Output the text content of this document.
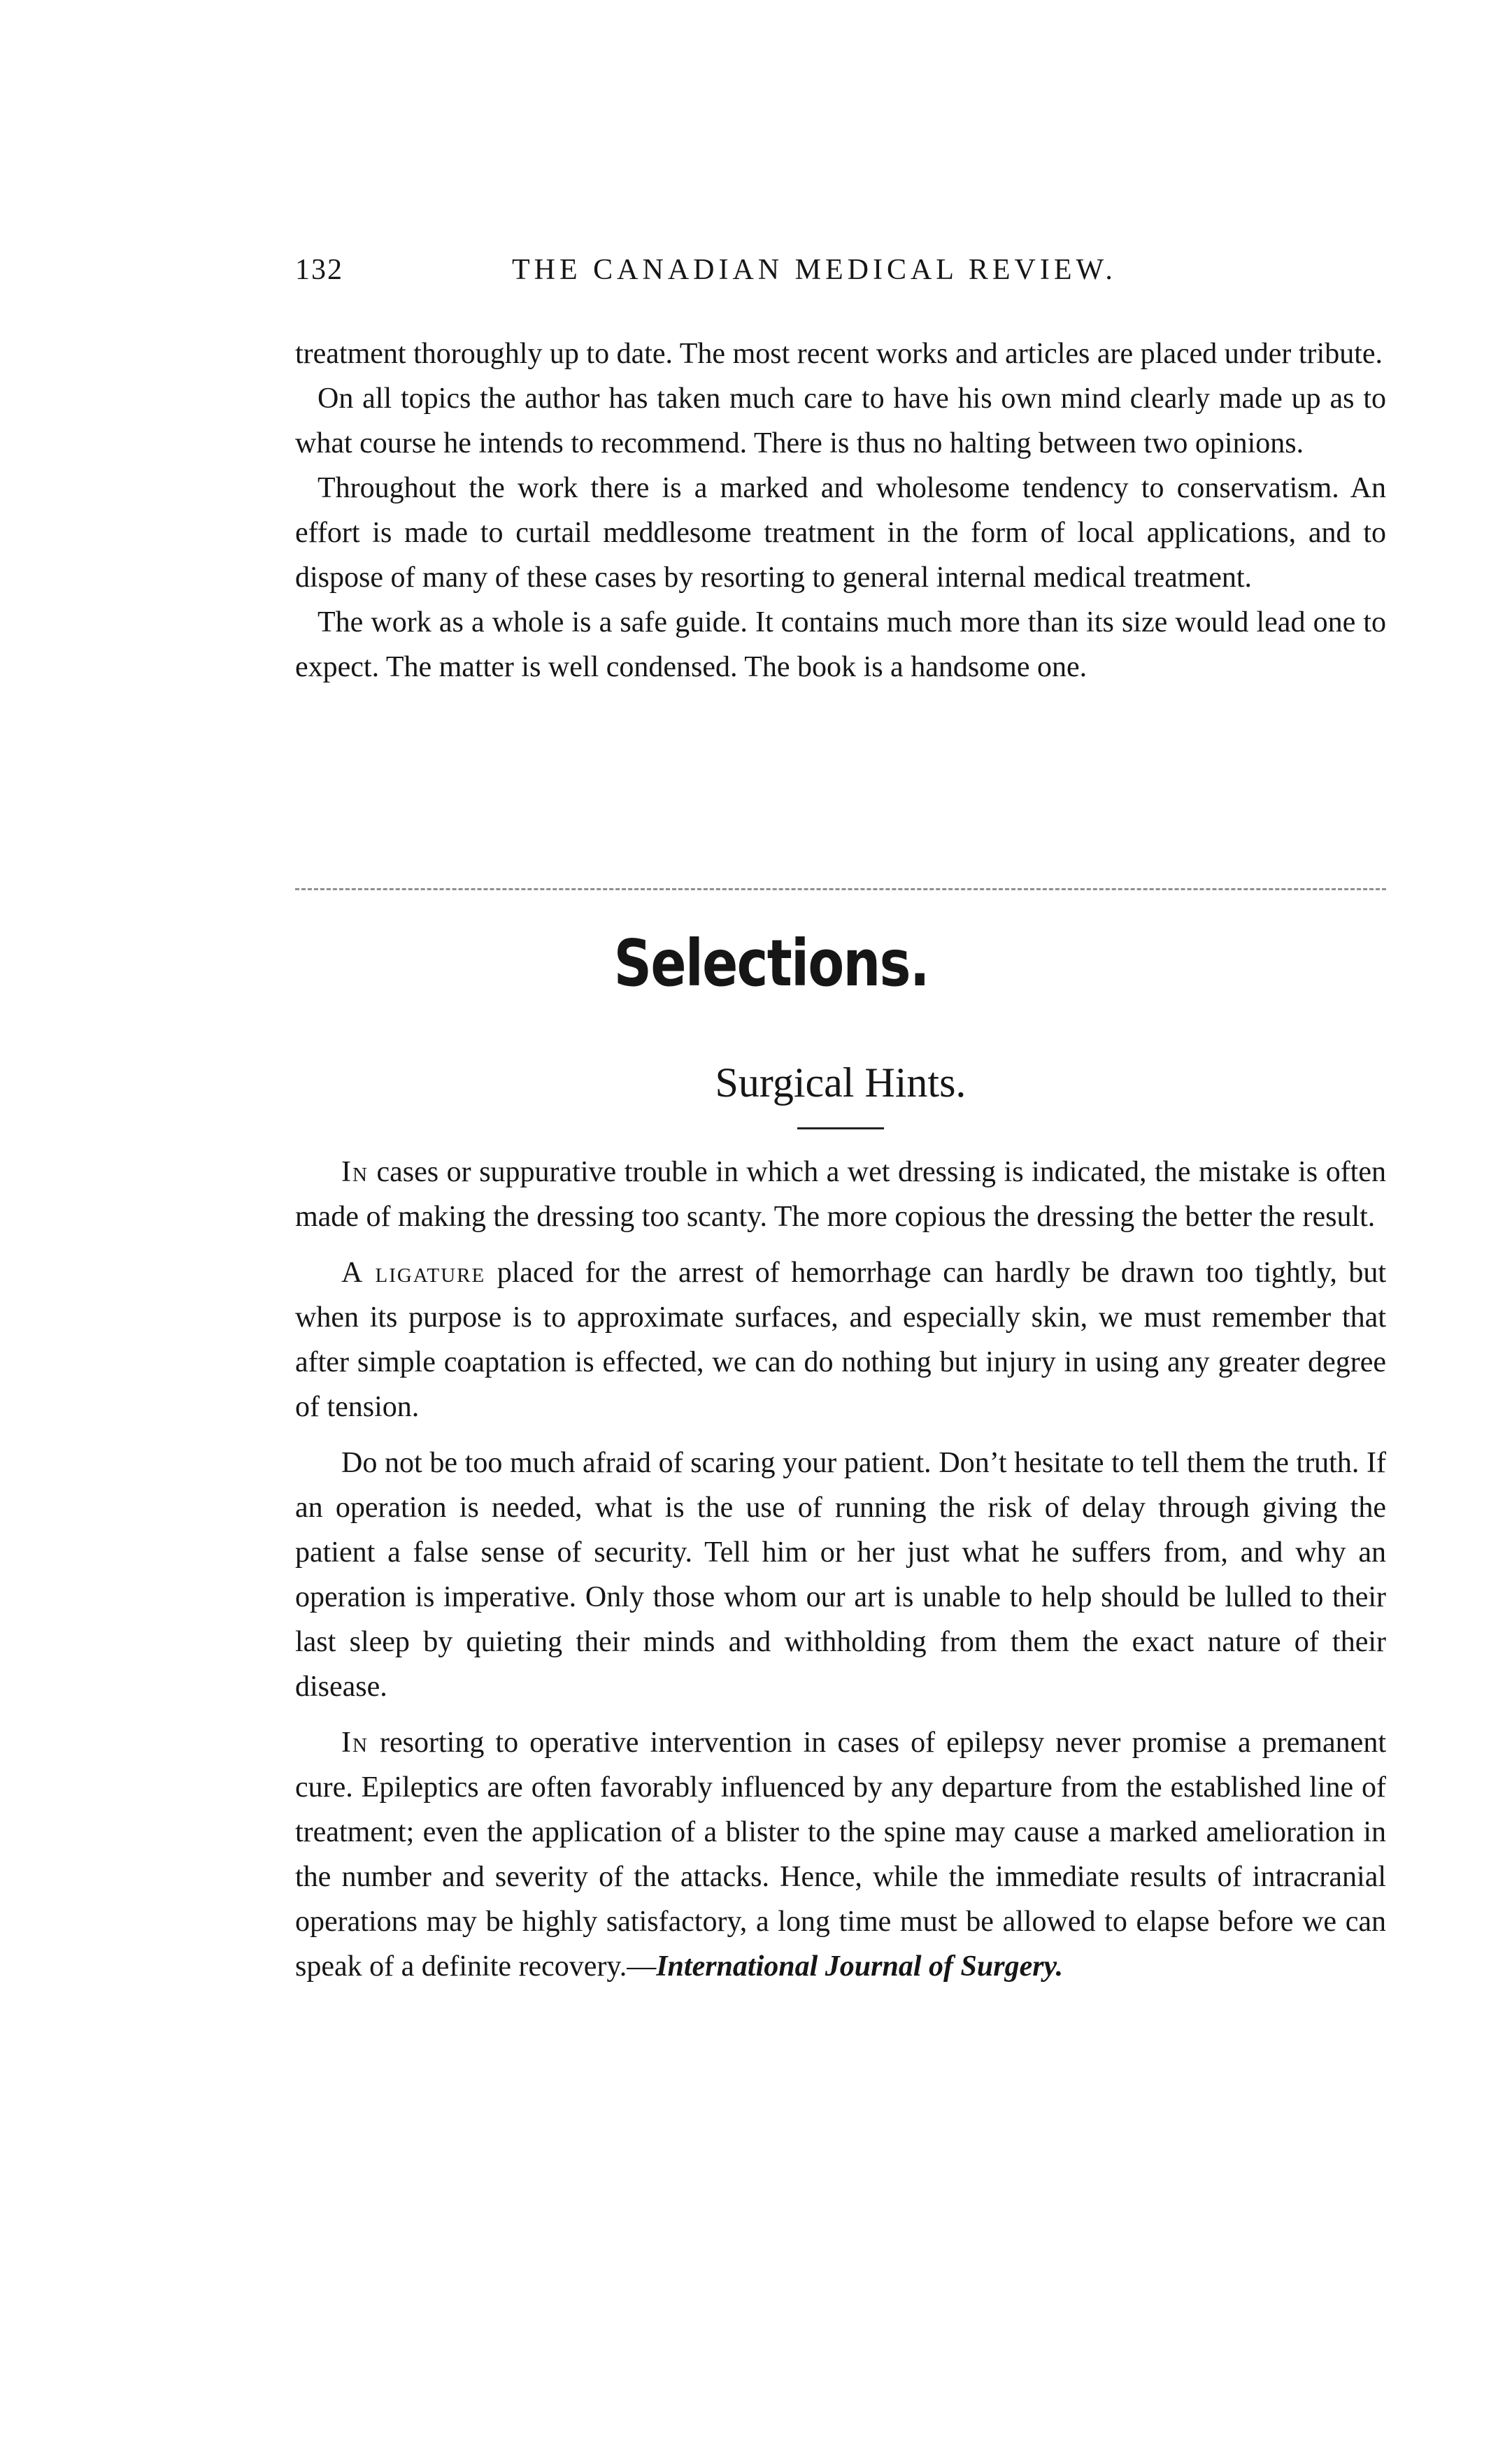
132	THE CANADIAN MEDICAL REVIEW.

treatment thoroughly up to date. The most recent works and articles are placed under tribute.

On all topics the author has taken much care to have his own mind clearly made up as to what course he intends to recommend. There is thus no halting between two opinions.

Throughout the work there is a marked and wholesome tendency to conservatism. An effort is made to curtail meddlesome treatment in the form of local applications, and to dispose of many of these cases by resorting to general internal medical treatment.

The work as a whole is a safe guide. It contains much more than its size would lead one to expect. The matter is well condensed. The book is a handsome one.

Selections.
Surgical Hints.

In cases or suppurative trouble in which a wet dressing is indicated, the mistake is often made of making the dressing too scanty. The more copious the dressing the better the result.

A ligature placed for the arrest of hemorrhage can hardly be drawn too tightly, but when its purpose is to approximate surfaces, and especially skin, we must remember that after simple coaptation is effected, we can do nothing but injury in using any greater degree of tension.

Do not be too much afraid of scaring your patient. Don’t hesitate to tell them the truth. If an operation is needed, what is the use of running the risk of delay through giving the patient a false sense of security. Tell him or her just what he suffers from, and why an operation is imperative. Only those whom our art is unable to help should be lulled to their last sleep by quieting their minds and withholding from them the exact nature of their disease.

In resorting to operative intervention in cases of epilepsy never promise a premanent cure. Epileptics are often favorably influenced by any departure from the established line of treatment; even the application of a blister to the spine may cause a marked amelioration in the number and severity of the attacks. Hence, while the immediate results of intracranial operations may be highly satisfactory, a long time must be allowed to elapse before we can speak of a definite recovery.—International Journal of Surgery.
